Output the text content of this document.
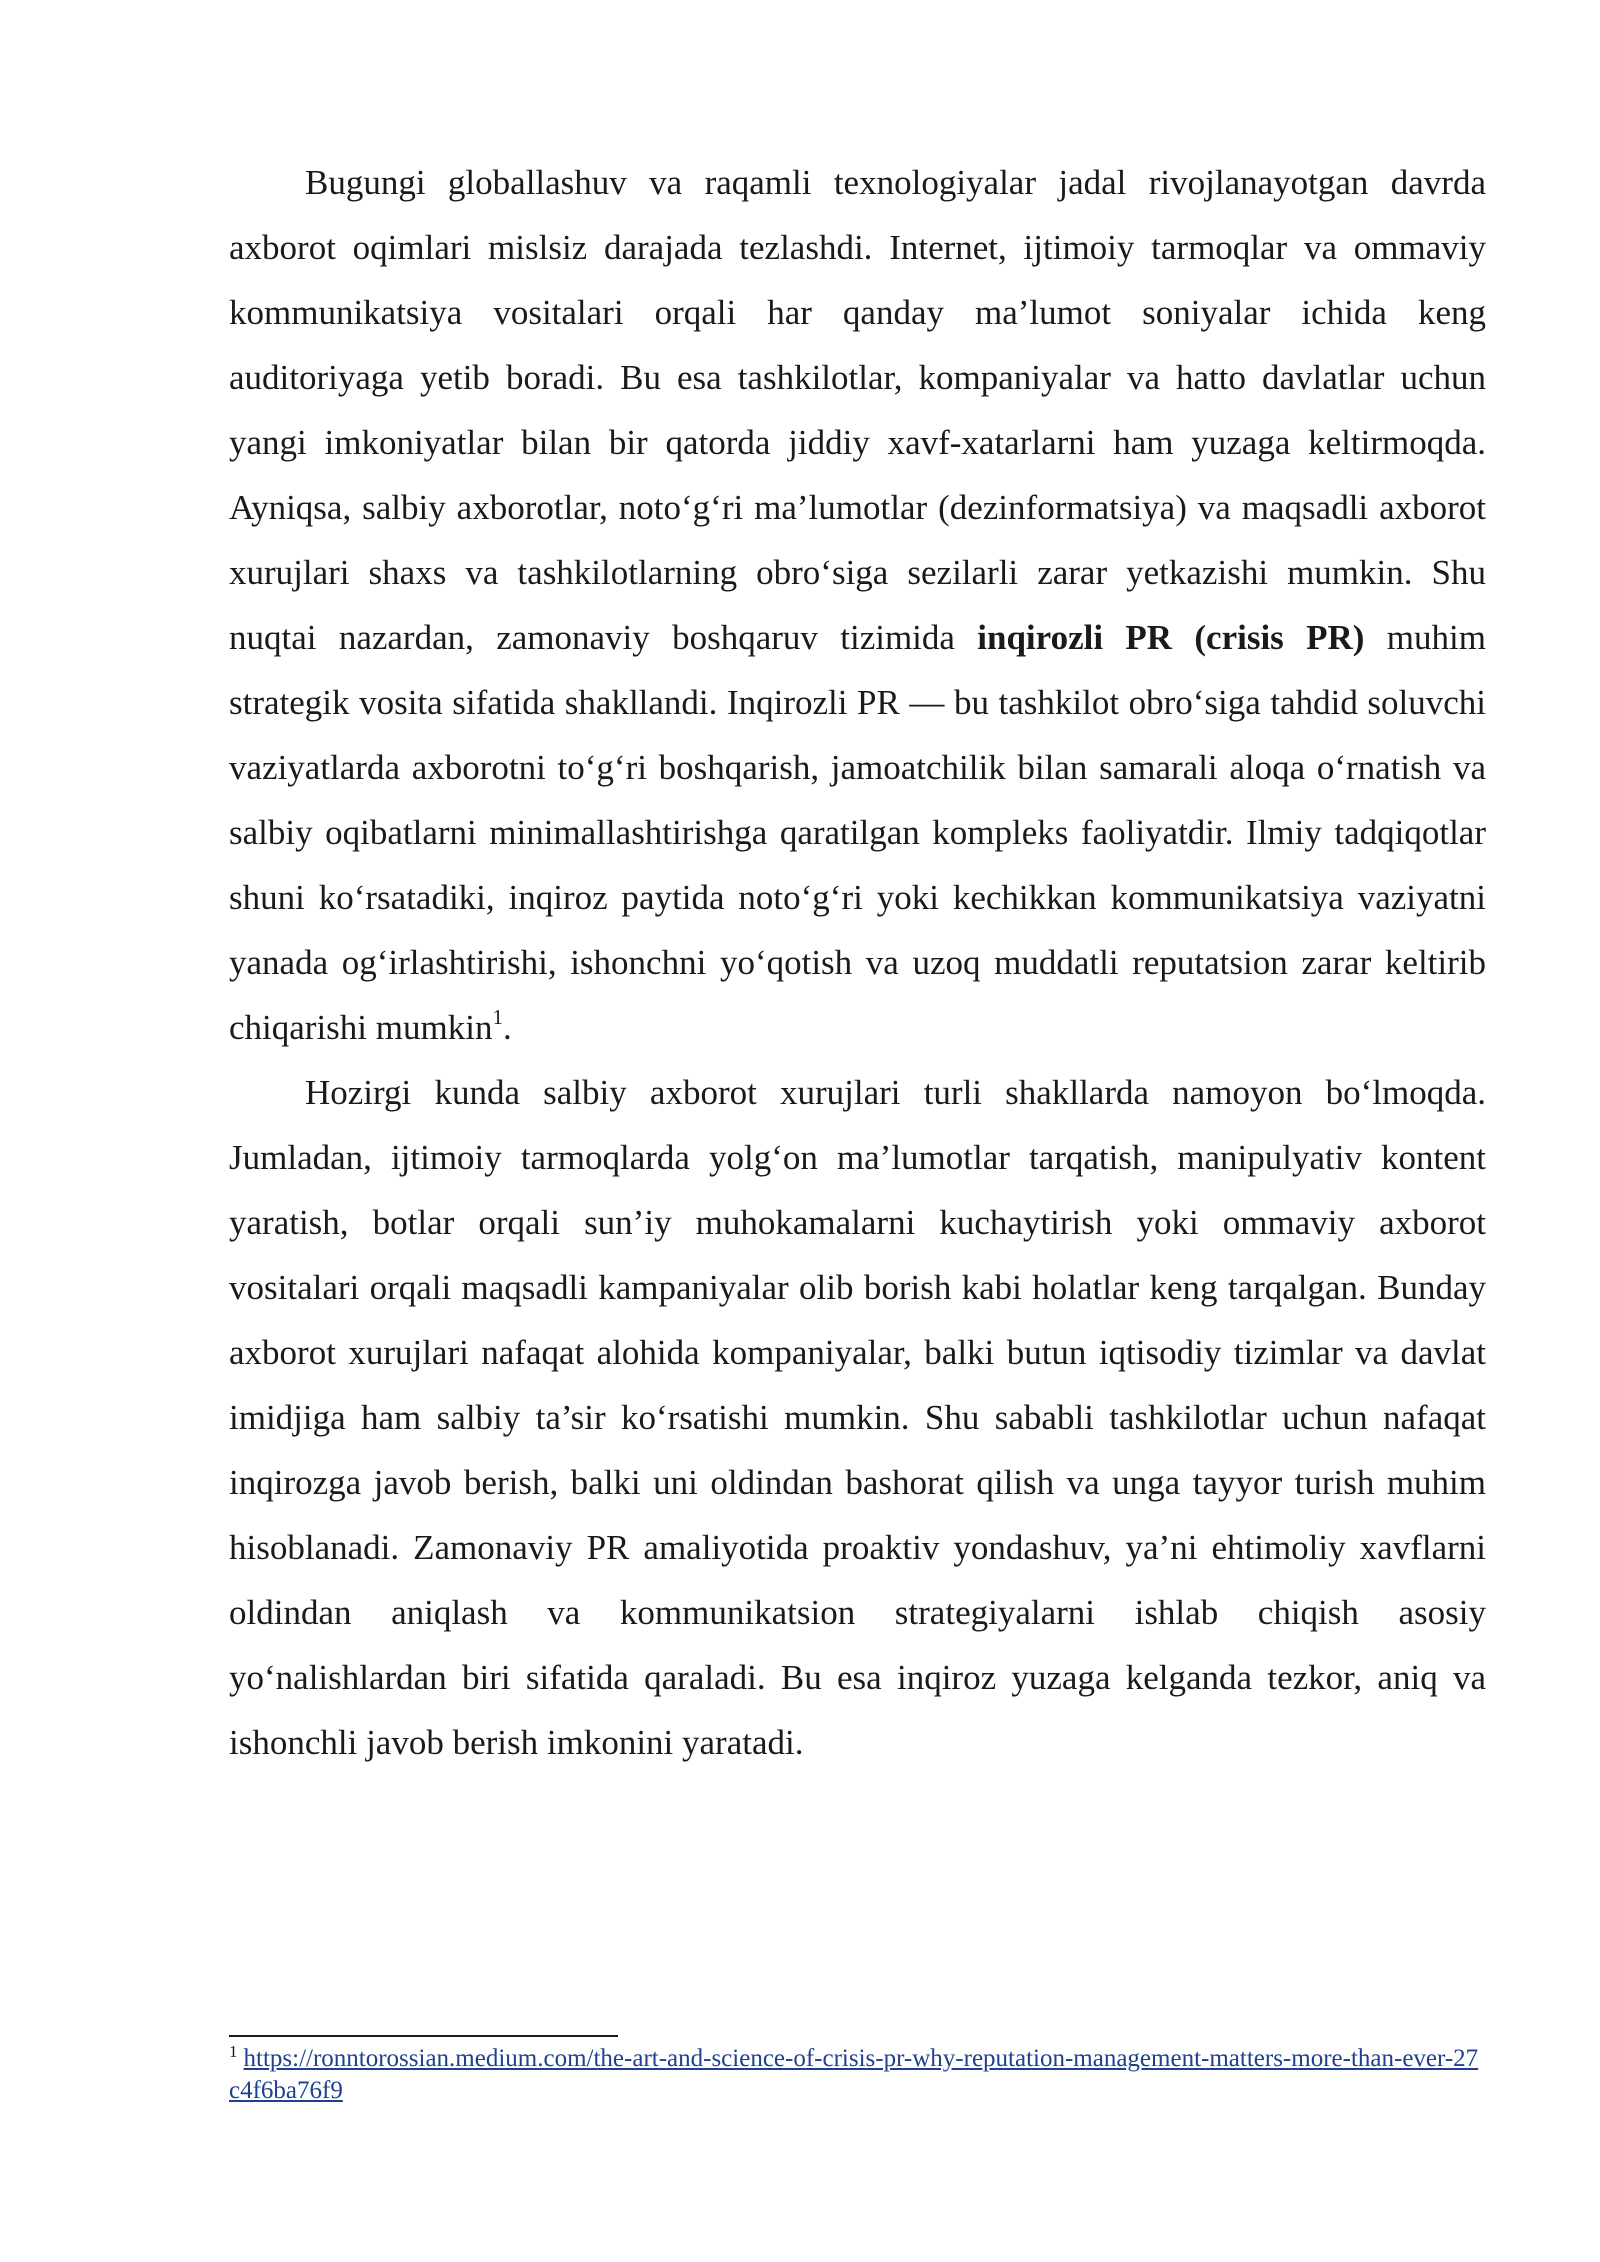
Bugungi globallashuv va raqamli texnologiyalar jadal rivojlanayotgan davrda axborot oqimlari mislsiz darajada tezlashdi. Internet, ijtimoiy tarmoqlar va ommaviy kommunikatsiya vositalari orqali har qanday ma’lumot soniyalar ichida keng auditoriyaga yetib boradi. Bu esa tashkilotlar, kompaniyalar va hatto davlatlar uchun yangi imkoniyatlar bilan bir qatorda jiddiy xavf-xatarlarni ham yuzaga keltirmoqda. Ayniqsa, salbiy axborotlar, noto‘g‘ri ma’lumotlar (dezinformatsiya) va maqsadli axborot xurujlari shaxs va tashkilotlarning obro‘siga sezilarli zarar yetkazishi mumkin. Shu nuqtai nazardan, zamonaviy boshqaruv tizimida inqirozli PR (crisis PR) muhim strategik vosita sifatida shakllandi. Inqirozli PR — bu tashkilot obro‘siga tahdid soluvchi vaziyatlarda axborotni to‘g‘ri boshqarish, jamoatchilik bilan samarali aloqa o‘rnatish va salbiy oqibatlarni minimallashtirishga qaratilgan kompleks faoliyatdir. Ilmiy tadqiqotlar shuni ko‘rsatadiki, inqiroz paytida noto‘g‘ri yoki kechikkan kommunikatsiya vaziyatni yanada og‘irlashtirishi, ishonchni yo‘qotish va uzoq muddatli reputatsion zarar keltirib chiqarishi mumkin$^1$.

Hozirgi kunda salbiy axborot xurujlari turli shakllarda namoyon bo‘lmoqda. Jumladan, ijtimoiy tarmoqlarda yolg‘on ma’lumotlar tarqatish, manipulyativ kontent yaratish, botlar orqali sun’iy muhokamalarni kuchaytirish yoki ommaviy axborot vositalari orqali maqsadli kampaniyalar olib borish kabi holatlar keng tarqalgan. Bunday axborot xurujlari nafaqat alohida kompaniyalar, balki butun iqtisodiy tizimlar va davlat imidjiga ham salbiy ta’sir ko‘rsatishi mumkin. Shu sababli tashkilotlar uchun nafaqat inqirozga javob berish, balki uni oldindan bashorat qilish va unga tayyor turish muhim hisoblanadi. Zamonaviy PR amaliyotida proaktiv yondashuv, ya’ni ehtimoliy xavflarni oldindan aniqlash va kommunikatsion strategiyalarni ishlab chiqish asosiy yo‘nalishlardan biri sifatida qaraladi. Bu esa inqiroz yuzaga kelganda tezkor, aniq va ishonchli javob berish imkonini yaratadi.

$^1$ https://ronntorossian.medium.com/the-art-and-science-of-crisis-pr-why-reputation-management-matters-more-than-ever-27c4f6ba76f9
